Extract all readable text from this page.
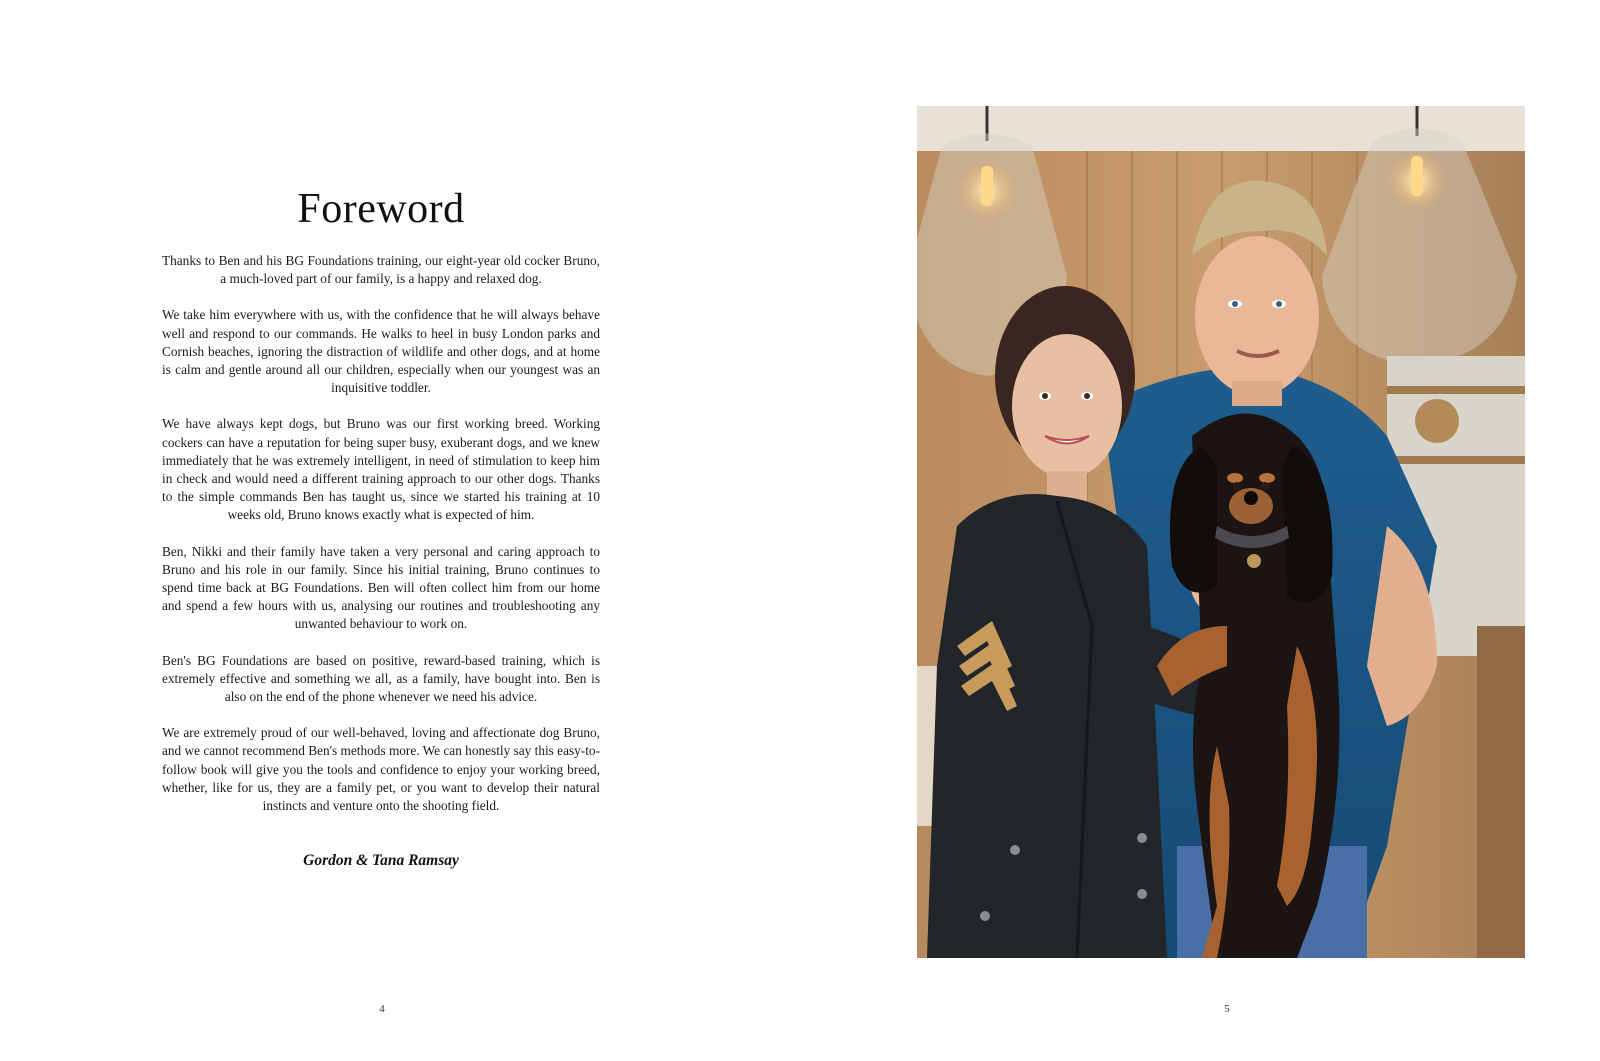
Foreword

Thanks to Ben and his BG Foundations training, our eight-year old cocker Bruno, a much-loved part of our family, is a happy and relaxed dog.

We take him everywhere with us, with the confidence that he will always behave well and respond to our commands. He walks to heel in busy London parks and Cornish beaches, ignoring the distraction of wildlife and other dogs, and at home is calm and gentle around all our children, especially when our youngest was an inquisitive toddler.

We have always kept dogs, but Bruno was our first working breed. Working cockers can have a reputation for being super busy, exuberant dogs, and we knew immediately that he was extremely intelligent, in need of stimulation to keep him in check and would need a different training approach to our other dogs. Thanks to the simple commands Ben has taught us, since we started his training at 10 weeks old, Bruno knows exactly what is expected of him.

Ben, Nikki and their family have taken a very personal and caring approach to Bruno and his role in our family. Since his initial training, Bruno continues to spend time back at BG Foundations. Ben will often collect him from our home and spend a few hours with us, analysing our routines and troubleshooting any unwanted behaviour to work on.

Ben's BG Foundations are based on positive, reward-based training, which is extremely effective and something we all, as a family, have bought into. Ben is also on the end of the phone whenever we need his advice.

We are extremely proud of our well-behaved, loving and affectionate dog Bruno, and we cannot recommend Ben's methods more. We can honestly say this easy-to-follow book will give you the tools and confidence to enjoy your working breed, whether, like for us, they are a family pet, or you want to develop their natural instincts and venture onto the shooting field.

Gordon & Tana Ramsay

4	5
